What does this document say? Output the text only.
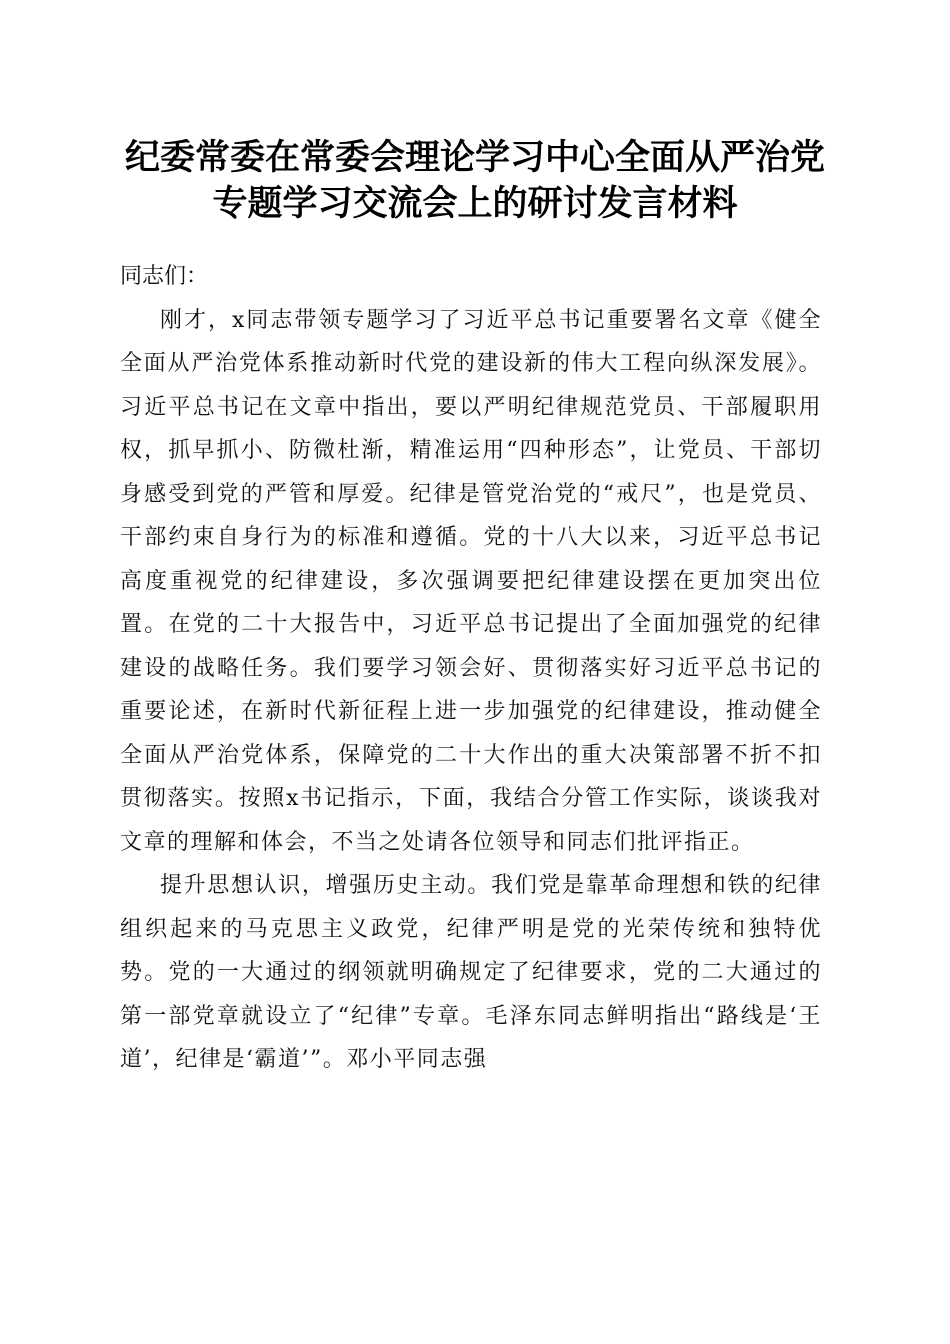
纪委常委在常委会理论学习中心全面从严治党
专题学习交流会上的研讨发言材料

同志们：

刚才，x同志带领专题学习了习近平总书记重要署名文章《健全全面从严治党体系推动新时代党的建设新的伟大工程向纵深发展》。习近平总书记在文章中指出，要以严明纪律规范党员、干部履职用权，抓早抓小、防微杜渐，精准运用“四种形态”，让党员、干部切身感受到党的严管和厚爱。纪律是管党治党的“戒尺”，也是党员、干部约束自身行为的标准和遵循。党的十八大以来，习近平总书记高度重视党的纪律建设，多次强调要把纪律建设摆在更加突出位置。在党的二十大报告中，习近平总书记提出了全面加强党的纪律建设的战略任务。我们要学习领会好、贯彻落实好习近平总书记的重要论述，在新时代新征程上进一步加强党的纪律建设，推动健全全面从严治党体系，保障党的二十大作出的重大决策部署不折不扣贯彻落实。按照x书记指示，下面，我结合分管工作实际，谈谈我对文章的理解和体会，不当之处请各位领导和同志们批评指正。

提升思想认识，增强历史主动。我们党是靠革命理想和铁的纪律组织起来的马克思主义政党，纪律严明是党的光荣传统和独特优势。党的一大通过的纲领就明确规定了纪律要求，党的二大通过的第一部党章就设立了“纪律”专章。毛泽东同志鲜明指出“路线是‘王道’，纪律是‘霸道’”。邓小平同志强
